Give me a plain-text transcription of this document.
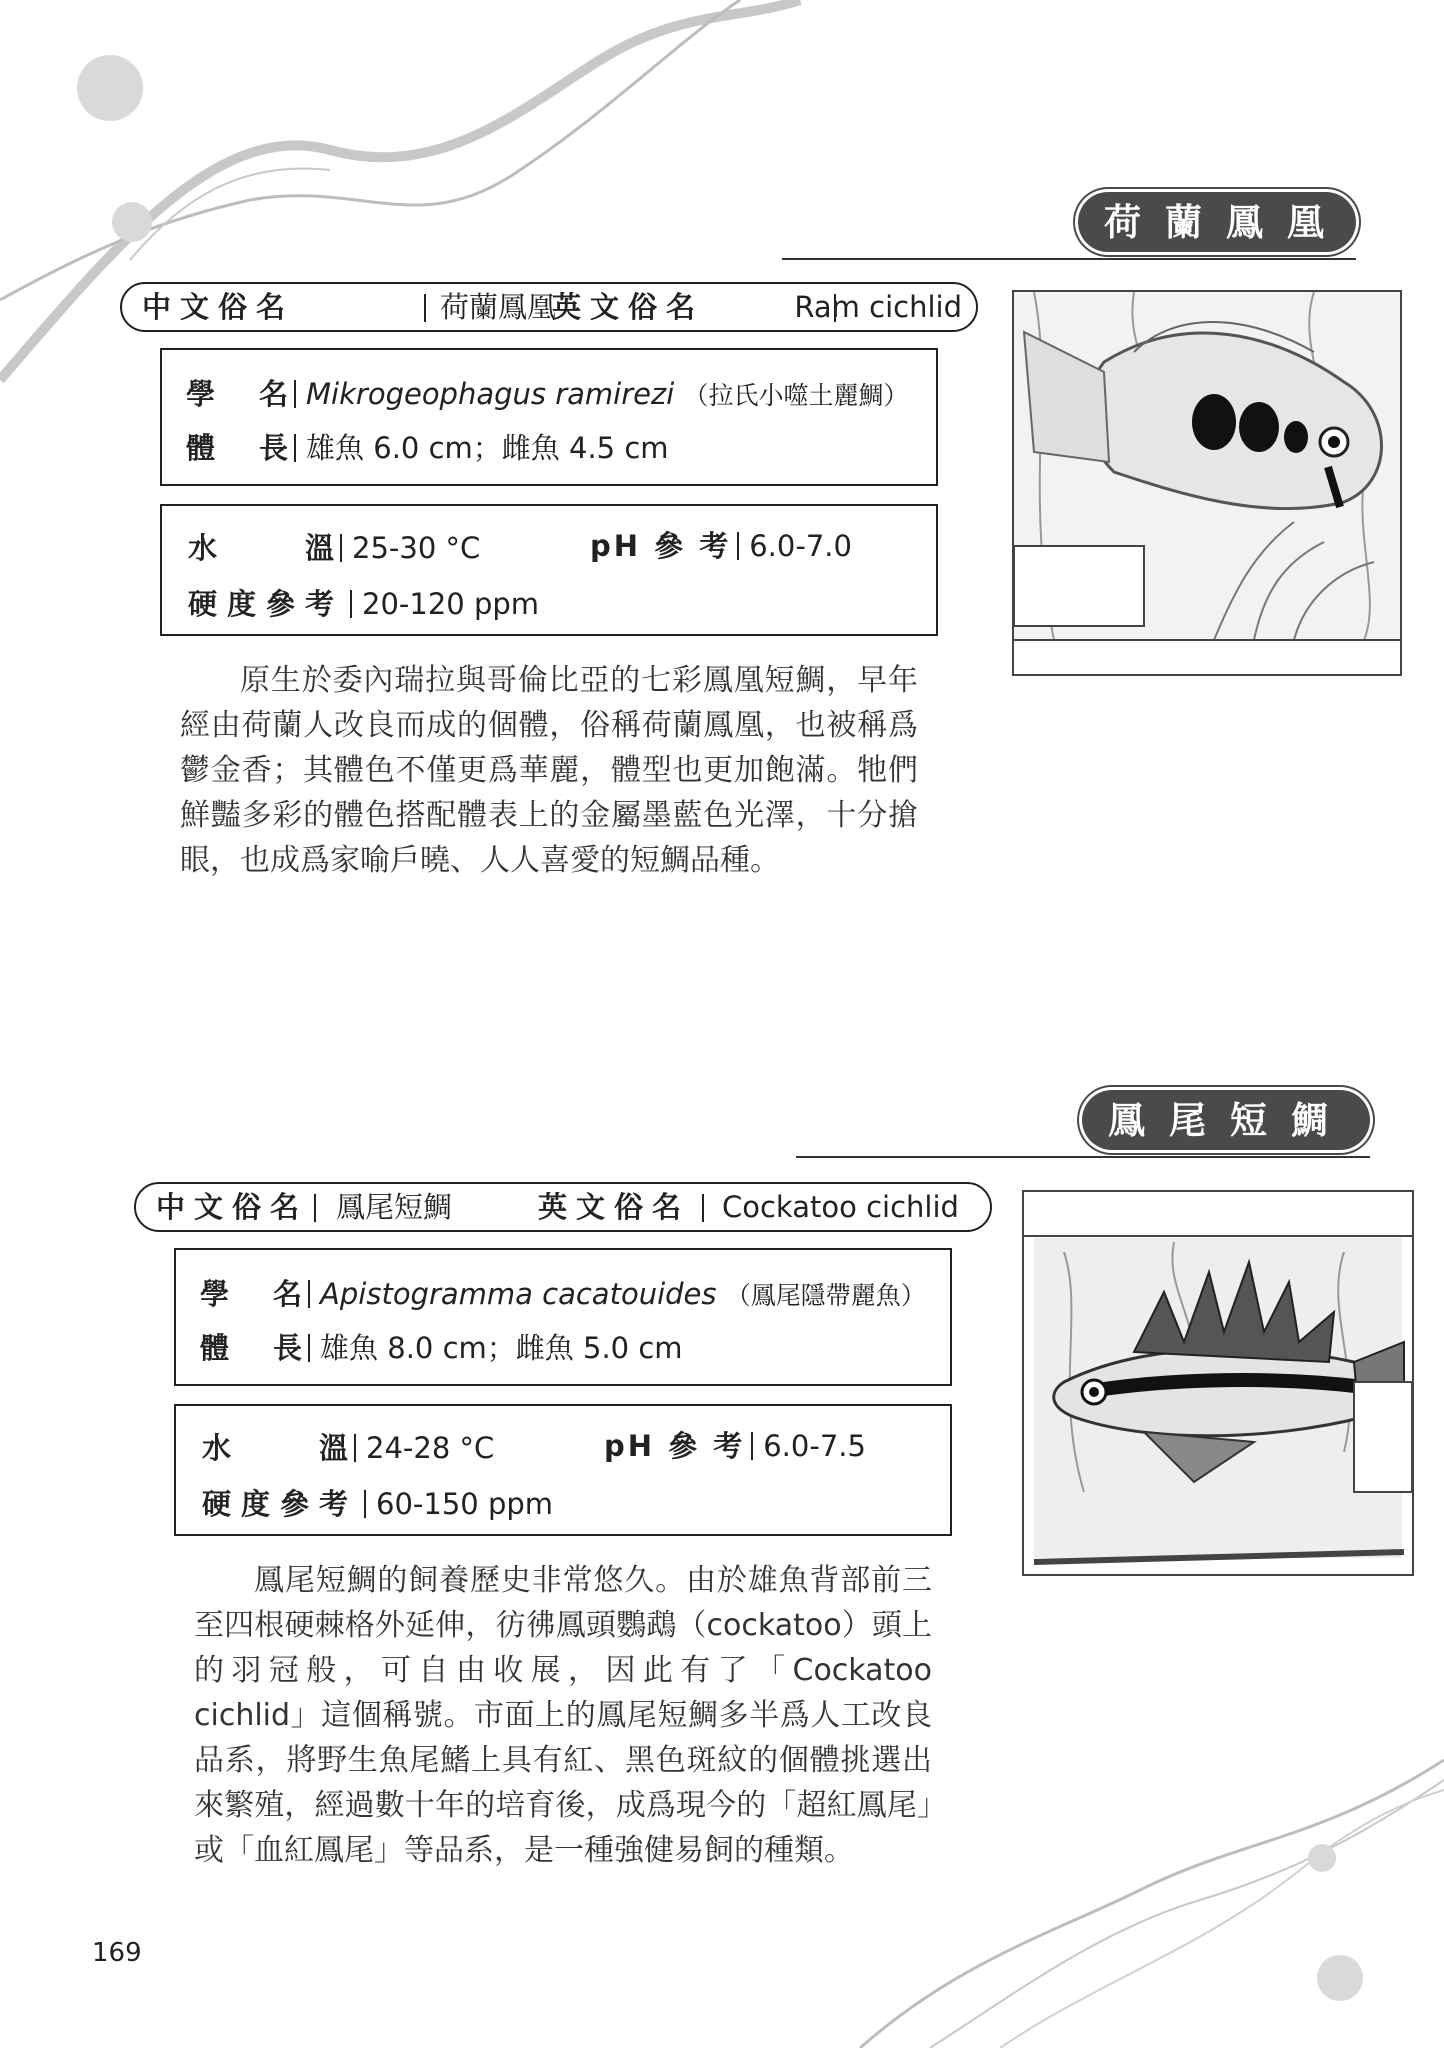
荷蘭鳳凰
中文俗名	荷蘭鳳凰
英文俗名	Ram cichlid
學 名 Mikrogeophagus ramirezi （拉氏小噬土麗鯛）
體 長 雄魚 6.0 cm；雌魚 4.5 cm
水	溫 25-30 °C	pH 參 考 6.0-7.0
硬度參考 20-120 ppm

原生於委內瑞拉與哥倫比亞的七彩鳳凰短鯛，早年經由荷蘭人改良而成的個體，俗稱荷蘭鳳凰，也被稱爲鬱金香；其體色不僅更爲華麗，體型也更加飽滿。牠們鮮豔多彩的體色搭配體表上的金屬墨藍色光澤，十分搶眼，也成爲家喻戶曉、人人喜愛的短鯛品種。

鳳尾短鯛
中文俗名 鳳尾短鯛	英文俗名 Cockatoo cichlid
學 名 Apistogramma cacatouides （鳳尾隱帶麗魚）
體 長 雄魚 8.0 cm；雌魚 5.0 cm
水	溫 24-28 °C	pH 參 考 6.0-7.5
硬度參考 60-150 ppm

鳳尾短鯛的飼養歷史非常悠久。由於雄魚背部前三至四根硬棘格外延伸，彷彿鳳頭鸚鵡（cockatoo）頭上的羽冠般，可自由收展，因此有了「Cockatoo cichlid」這個稱號。市面上的鳳尾短鯛多半爲人工改良品系，將野生魚尾鰭上具有紅、黑色斑紋的個體挑選出來繁殖，經過數十年的培育後，成爲現今的「超紅鳳尾」或「血紅鳳尾」等品系，是一種強健易飼的種類。

169
